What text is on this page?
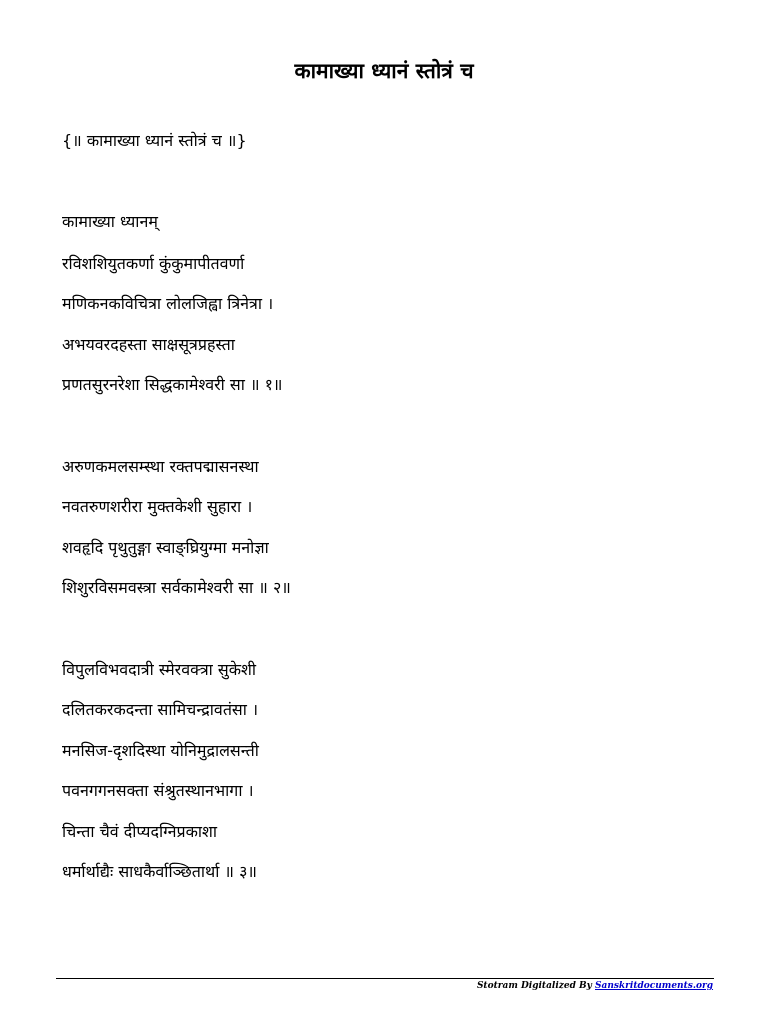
कामाख्या ध्यानं स्तोत्रं च
{॥ कामाख्या ध्यानं स्तोत्रं च ॥}
कामाख्या ध्यानम्
रविशशियुतकर्णा कुंकुमापीतवर्णा
मणिकनकविचित्रा लोलजिह्वा त्रिनेत्रा ।
अभयवरदहस्ता साक्षसूत्रप्रहस्ता
प्रणतसुरनरेशा सिद्धकामेश्वरी सा ॥ १॥
अरुणकमलसम्स्था रक्तपद्मासनस्था
नवतरुणशरीरा मुक्तकेशी सुहारा ।
शवहृदि पृथुतुङ्गा स्वाङ्घ्रियुग्मा मनोज्ञा
शिशुरविसमवस्त्रा सर्वकामेश्वरी सा ॥ २॥
विपुलविभवदात्री स्मेरवक्त्रा सुकेशी
दलितकरकदन्ता सामिचन्द्रावतंसा ।
मनसिज-दृशदिस्था योनिमुद्रालसन्ती
पवनगगनसक्ता संश्रुतस्थानभागा ।
चिन्ता चैवं दीप्यदग्निप्रकाशा
धर्मार्थाद्यैः साधकैर्वाञ्छितार्था ॥ ३॥
Stotram Digitalized By Sanskritdocuments.org
